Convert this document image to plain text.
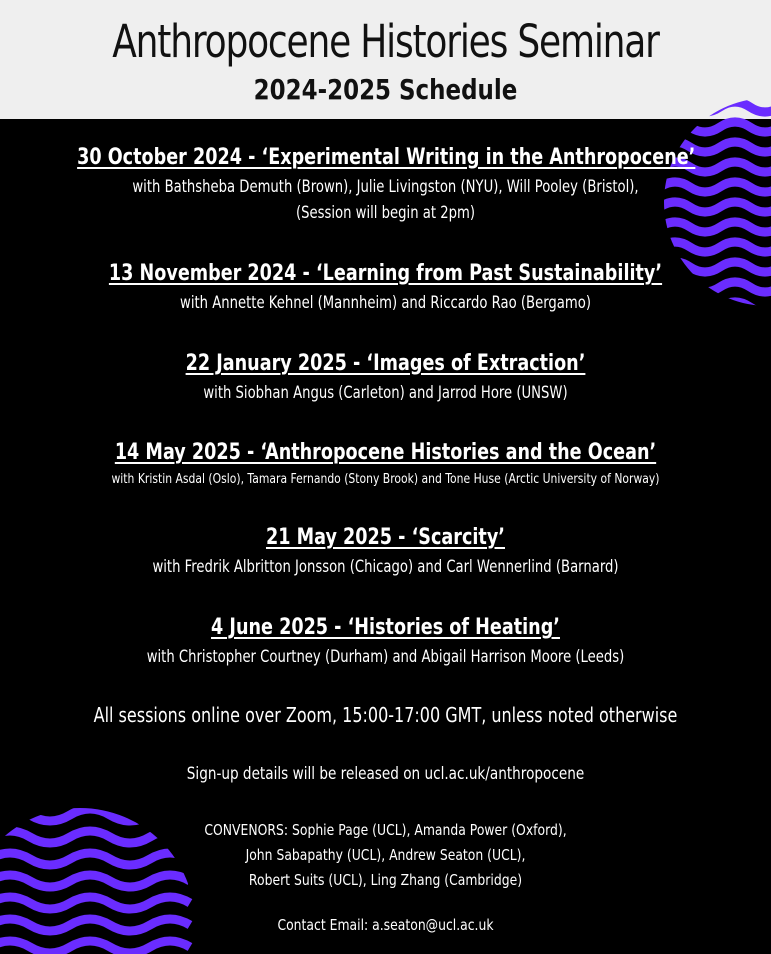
Anthropocene Histories Seminar
2024-2025 Schedule
30 October 2024 - ‘Experimental Writing in the Anthropocene’
with Bathsheba Demuth (Brown), Julie Livingston (NYU), Will Pooley (Bristol),
(Session will begin at 2pm)
13 November 2024 - ‘Learning from Past Sustainability’
with Annette Kehnel (Mannheim) and Riccardo Rao (Bergamo)
22 January 2025 - ‘Images of Extraction’
with Siobhan Angus (Carleton) and Jarrod Hore (UNSW)
14 May 2025 - ‘Anthropocene Histories and the Ocean’
with Kristin Asdal (Oslo), Tamara Fernando (Stony Brook) and Tone Huse (Arctic University of Norway)
21 May 2025 - ‘Scarcity’
with Fredrik Albritton Jonsson (Chicago) and Carl Wennerlind (Barnard)
4 June 2025 - ‘Histories of Heating’
with Christopher Courtney (Durham) and Abigail Harrison Moore (Leeds)
All sessions online over Zoom, 15:00-17:00 GMT, unless noted otherwise
Sign-up details will be released on ucl.ac.uk/anthropocene
CONVENORS: Sophie Page (UCL), Amanda Power (Oxford),
John Sabapathy (UCL), Andrew Seaton (UCL),
Robert Suits (UCL), Ling Zhang (Cambridge)
Contact Email: a.seaton@ucl.ac.uk
